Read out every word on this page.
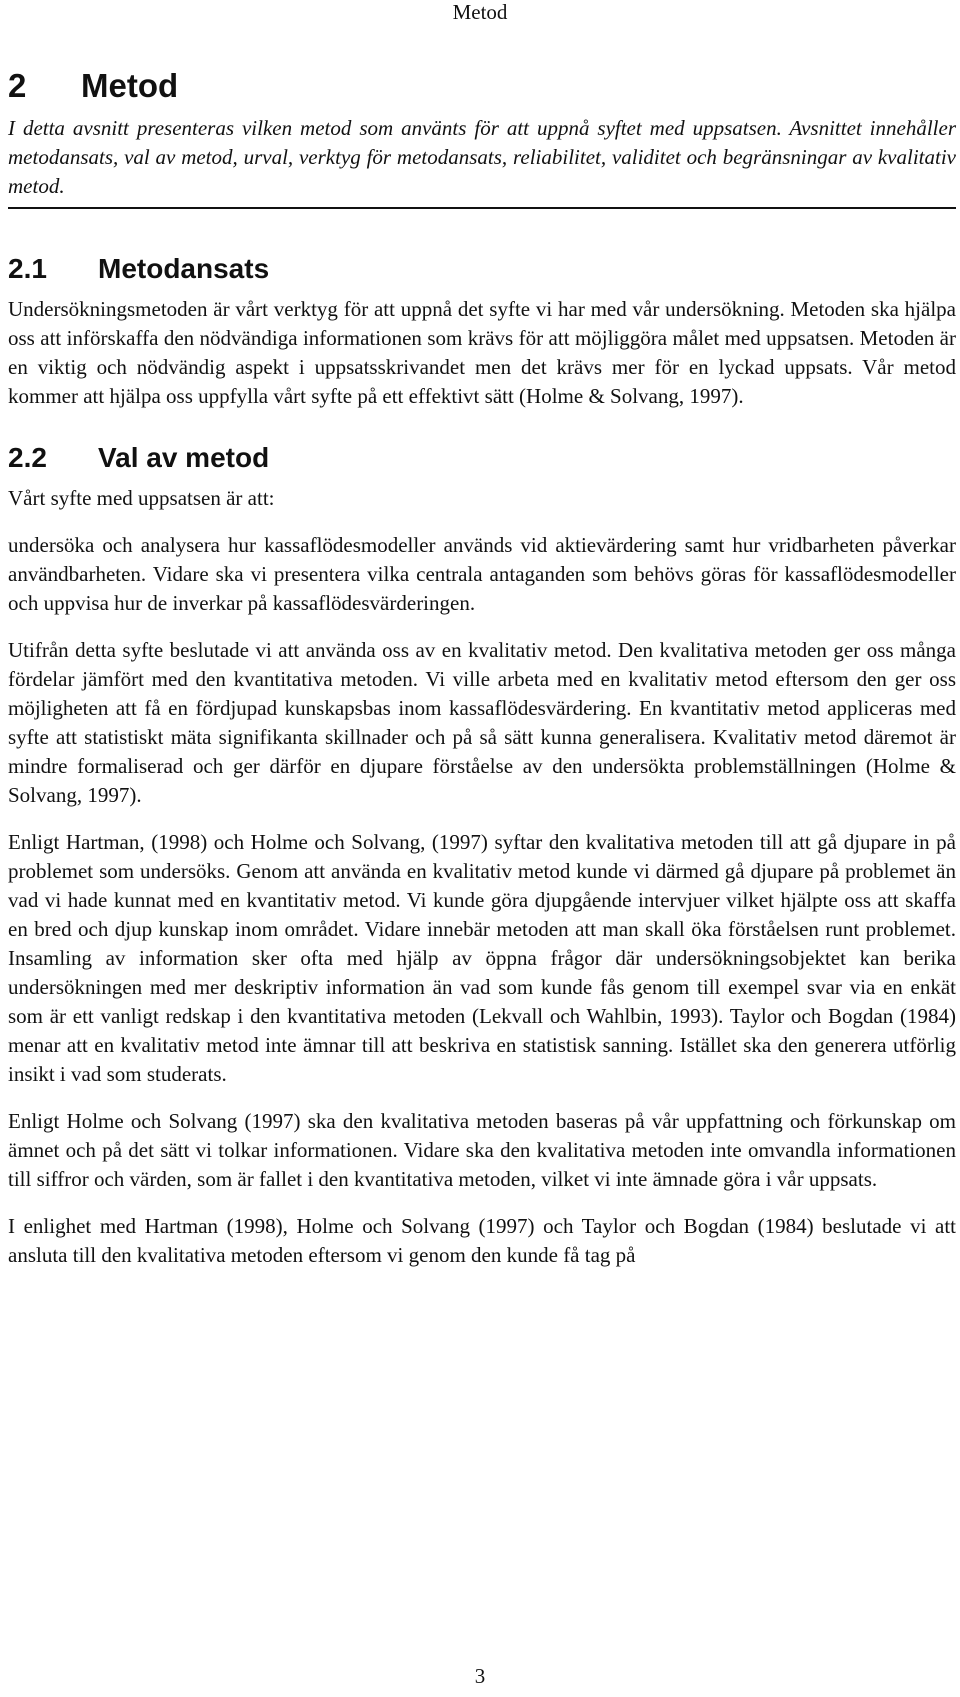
Metod
2 Metod

I detta avsnitt presenteras vilken metod som använts för att uppnå syftet med uppsatsen. Avsnittet innehåller metodansats, val av metod, urval, verktyg för metodansats, reliabilitet, validitet och begränsningar av kvalitativ metod.

2.1 Metodansats

Undersökningsmetoden är vårt verktyg för att uppnå det syfte vi har med vår undersökning. Metoden ska hjälpa oss att införskaffa den nödvändiga informationen som krävs för att möjliggöra målet med uppsatsen. Metoden är en viktig och nödvändig aspekt i uppsatsskrivandet men det krävs mer för en lyckad uppsats. Vår metod kommer att hjälpa oss uppfylla vårt syfte på ett effektivt sätt (Holme & Solvang, 1997).

2.2 Val av metod

Vårt syfte med uppsatsen är att:

undersöka och analysera hur kassaflödesmodeller används vid aktievärdering samt hur vridbarheten påverkar användbarheten. Vidare ska vi presentera vilka centrala antaganden som behövs göras för kassaflödesmodeller och uppvisa hur de inverkar på kassaflödesvärderingen.

Utifrån detta syfte beslutade vi att använda oss av en kvalitativ metod. Den kvalitativa metoden ger oss många fördelar jämfört med den kvantitativa metoden. Vi ville arbeta med en kvalitativ metod eftersom den ger oss möjligheten att få en fördjupad kunskapsbas inom kassaflödesvärdering. En kvantitativ metod appliceras med syfte att statistiskt mäta signifikanta skillnader och på så sätt kunna generalisera. Kvalitativ metod däremot är mindre formaliserad och ger därför en djupare förståelse av den undersökta problemställningen (Holme & Solvang, 1997).

Enligt Hartman, (1998) och Holme och Solvang, (1997) syftar den kvalitativa metoden till att gå djupare in på problemet som undersöks. Genom att använda en kvalitativ metod kunde vi därmed gå djupare på problemet än vad vi hade kunnat med en kvantitativ metod. Vi kunde göra djupgående intervjuer vilket hjälpte oss att skaffa en bred och djup kunskap inom området. Vidare innebär metoden att man skall öka förståelsen runt problemet. Insamling av information sker ofta med hjälp av öppna frågor där undersökningsobjektet kan berika undersökningen med mer deskriptiv information än vad som kunde fås genom till exempel svar via en enkät som är ett vanligt redskap i den kvantitativa metoden (Lekvall och Wahlbin, 1993). Taylor och Bogdan (1984) menar att en kvalitativ metod inte ämnar till att beskriva en statistisk sanning. Istället ska den generera utförlig insikt i vad som studerats.

Enligt Holme och Solvang (1997) ska den kvalitativa metoden baseras på vår uppfattning och förkunskap om ämnet och på det sätt vi tolkar informationen. Vidare ska den kvalitativa metoden inte omvandla informationen till siffror och värden, som är fallet i den kvantitativa metoden, vilket vi inte ämnade göra i vår uppsats.

I enlighet med Hartman (1998), Holme och Solvang (1997) och Taylor och Bogdan (1984) beslutade vi att ansluta till den kvalitativa metoden eftersom vi genom den kunde få tag på

3
